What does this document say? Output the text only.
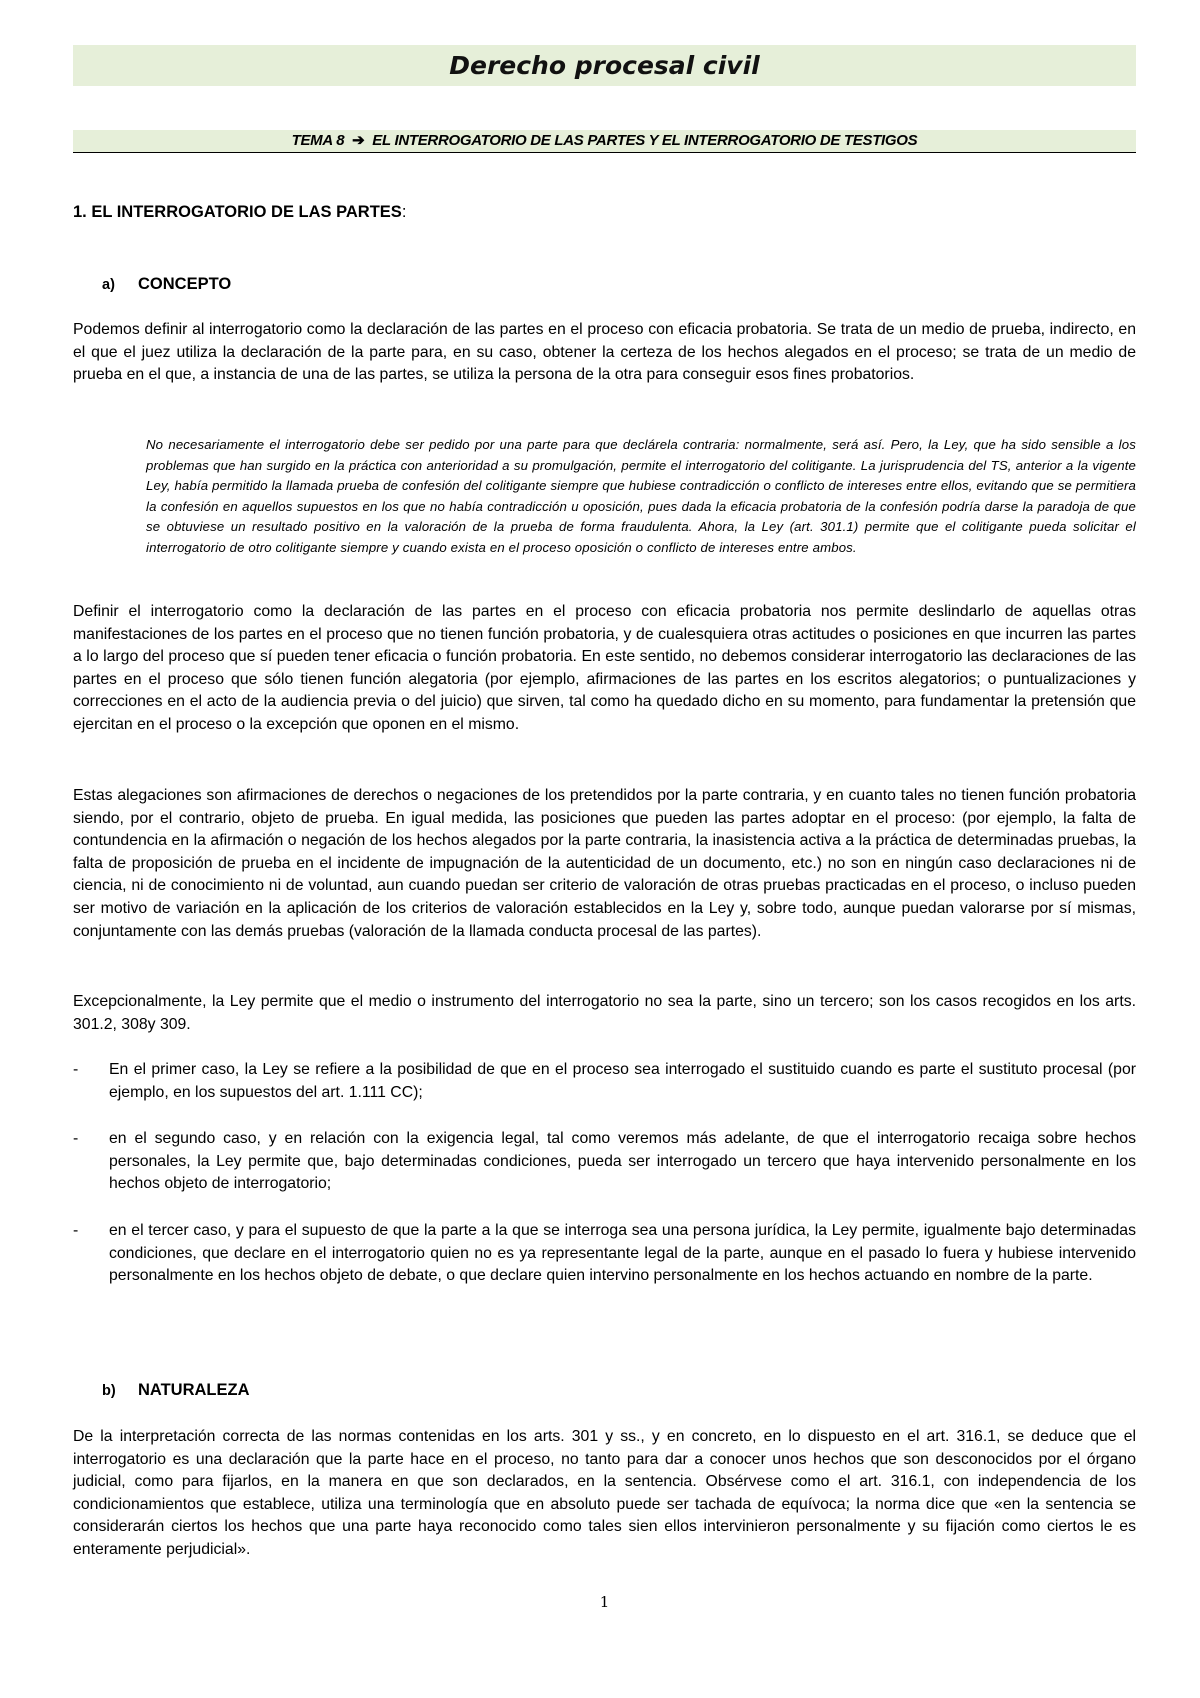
Derecho procesal civil
TEMA 8 ➔ EL INTERROGATORIO DE LAS PARTES Y EL INTERROGATORIO DE TESTIGOS
1. EL INTERROGATORIO DE LAS PARTES:
a) CONCEPTO

Podemos definir al interrogatorio como la declaración de las partes en el proceso con eficacia probatoria. Se trata de un medio de prueba, indirecto, en el que el juez utiliza la declaración de la parte para, en su caso, obtener la certeza de los hechos alegados en el proceso; se trata de un medio de prueba en el que, a instancia de una de las partes, se utiliza la persona de la otra para conseguir esos fines probatorios.

No necesariamente el interrogatorio debe ser pedido por una parte para que declárela contraria: normalmente, será así. Pero, la Ley, que ha sido sensible a los problemas que han surgido en la práctica con anterioridad a su promulgación, permite el interrogatorio del colitigante. La jurisprudencia del TS, anterior a la vigente Ley, había permitido la llamada prueba de confesión del colitigante siempre que hubiese contradicción o conflicto de intereses entre ellos, evitando que se permitiera la confesión en aquellos supuestos en los que no había contradicción u oposición, pues dada la eficacia probatoria de la confesión podría darse la paradoja de que se obtuviese un resultado positivo en la valoración de la prueba de forma fraudulenta. Ahora, la Ley (art. 301.1) permite que el colitigante pueda solicitar el interrogatorio de otro colitigante siempre y cuando exista en el proceso oposición o conflicto de intereses entre ambos.

Definir el interrogatorio como la declaración de las partes en el proceso con eficacia probatoria nos permite deslindarlo de aquellas otras manifestaciones de los partes en el proceso que no tienen función probatoria, y de cualesquiera otras actitudes o posiciones en que incurren las partes a lo largo del proceso que sí pueden tener eficacia o función probatoria. En este sentido, no debemos considerar interrogatorio las declaraciones de las partes en el proceso que sólo tienen función alegatoria (por ejemplo, afirmaciones de las partes en los escritos alegatorios; o puntualizaciones y correcciones en el acto de la audiencia previa o del juicio) que sirven, tal como ha quedado dicho en su momento, para fundamentar la pretensión que ejercitan en el proceso o la excepción que oponen en el mismo.

Estas alegaciones son afirmaciones de derechos o negaciones de los pretendidos por la parte contraria, y en cuanto tales no tienen función probatoria siendo, por el contrario, objeto de prueba. En igual medida, las posiciones que pueden las partes adoptar en el proceso: (por ejemplo, la falta de contundencia en la afirmación o negación de los hechos alegados por la parte contraria, la inasistencia activa a la práctica de determinadas pruebas, la falta de proposición de prueba en el incidente de impugnación de la autenticidad de un documento, etc.) no son en ningún caso declaraciones ni de ciencia, ni de conocimiento ni de voluntad, aun cuando puedan ser criterio de valoración de otras pruebas practicadas en el proceso, o incluso pueden ser motivo de variación en la aplicación de los criterios de valoración establecidos en la Ley y, sobre todo, aunque puedan valorarse por sí mismas, conjuntamente con las demás pruebas (valoración de la llamada conducta procesal de las partes).

Excepcionalmente, la Ley permite que el medio o instrumento del interrogatorio no sea la parte, sino un tercero; son los casos recogidos en los arts. 301.2, 308y 309.

- En el primer caso, la Ley se refiere a la posibilidad de que en el proceso sea interrogado el sustituido cuando es parte el sustituto procesal (por ejemplo, en los supuestos del art. 1.111 CC);
- en el segundo caso, y en relación con la exigencia legal, tal como veremos más adelante, de que el interrogatorio recaiga sobre hechos personales, la Ley permite que, bajo determinadas condiciones, pueda ser interrogado un tercero que haya intervenido personalmente en los hechos objeto de interrogatorio;
- en el tercer caso, y para el supuesto de que la parte a la que se interroga sea una persona jurídica, la Ley permite, igualmente bajo determinadas condiciones, que declare en el interrogatorio quien no es ya representante legal de la parte, aunque en el pasado lo fuera y hubiese intervenido personalmente en los hechos objeto de debate, o que declare quien intervino personalmente en los hechos actuando en nombre de la parte.
b) NATURALEZA

De la interpretación correcta de las normas contenidas en los arts. 301 y ss., y en concreto, en lo dispuesto en el art. 316.1, se deduce que el interrogatorio es una declaración que la parte hace en el proceso, no tanto para dar a conocer unos hechos que son desconocidos por el órgano judicial, como para fijarlos, en la manera en que son declarados, en la sentencia. Obsérvese como el art. 316.1, con independencia de los condicionamientos que establece, utiliza una terminología que en absoluto puede ser tachada de equívoca; la norma dice que «en la sentencia se considerarán ciertos los hechos que una parte haya reconocido como tales sien ellos intervinieron personalmente y su fijación como ciertos le es enteramente perjudicial».

1
